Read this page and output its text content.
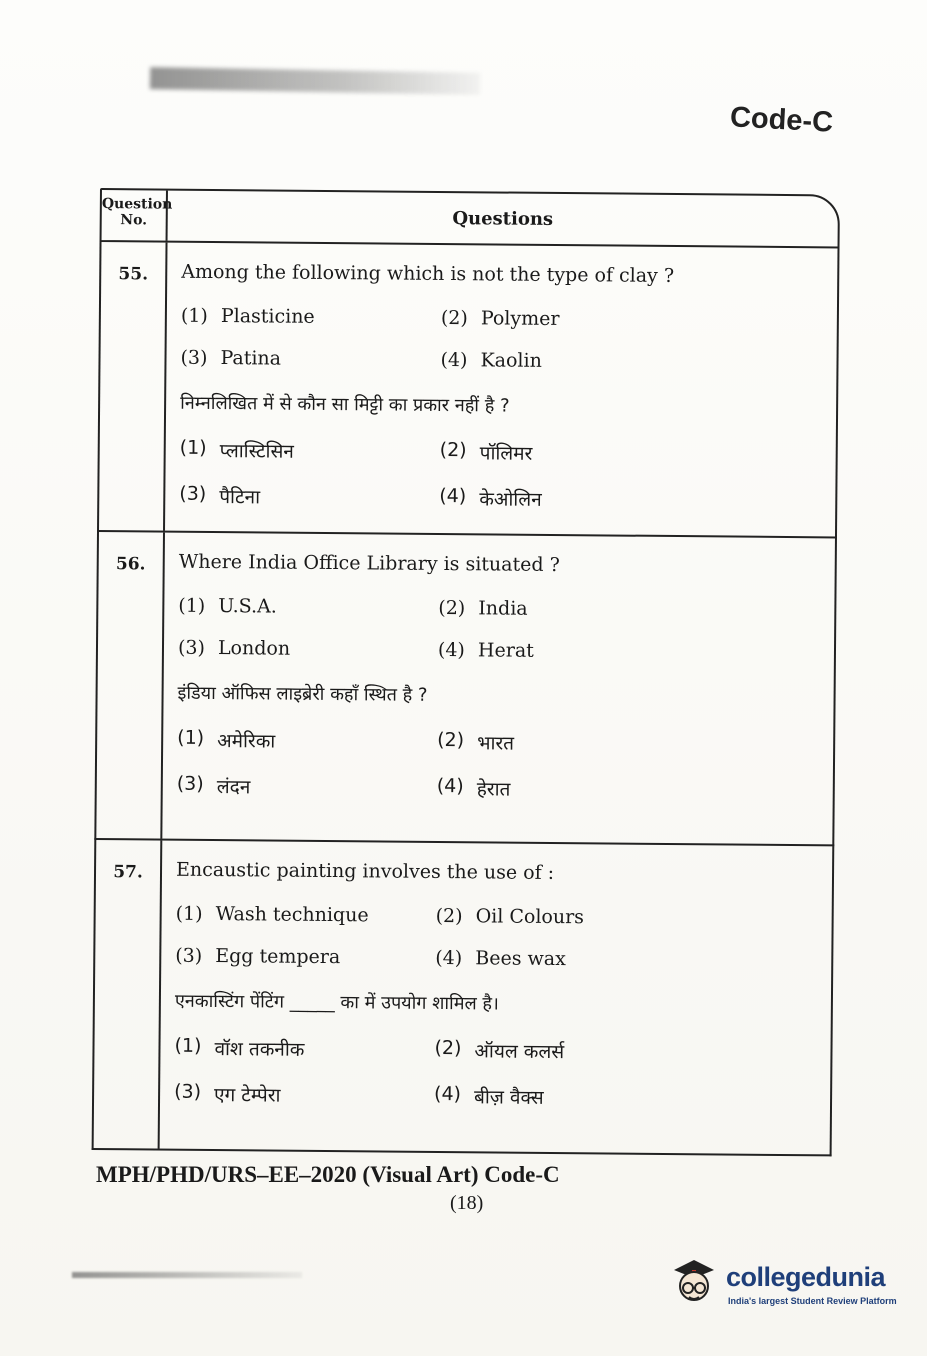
Code-C
Question No.	Questions
55.	Among the following which is not the type of clay ?
(1) Plasticine	(2) Polymer
(3) Patina	(4) Kaolin
निम्नलिखित में से कौन सा मिट्टी का प्रकार नहीं है ?
(1) प्लास्टिसिन	(2) पॉलिमर
(3) पैटिना	(4) केओलिन
56.	Where India Office Library is situated ?
(1) U.S.A.	(2) India
(3) London	(4) Herat
इंडिया ऑफिस लाइब्रेरी कहाँ स्थित है ?
(1) अमेरिका	(2) भारत
(3) लंदन	(4) हेरात
57.	Encaustic painting involves the use of :
(1) Wash technique	(2) Oil Colours
(3) Egg tempera	(4) Bees wax
एनकास्टिंग पेंटिंग _____ का में उपयोग शामिल है।
(1) वॉश तकनीक	(2) ऑयल कलर्स
(3) एग टेम्पेरा	(4) बीज़ वैक्स
MPH/PHD/URS–EE–2020 (Visual Art) Code-C
(18)
collegedunia
India's largest Student Review Platform
